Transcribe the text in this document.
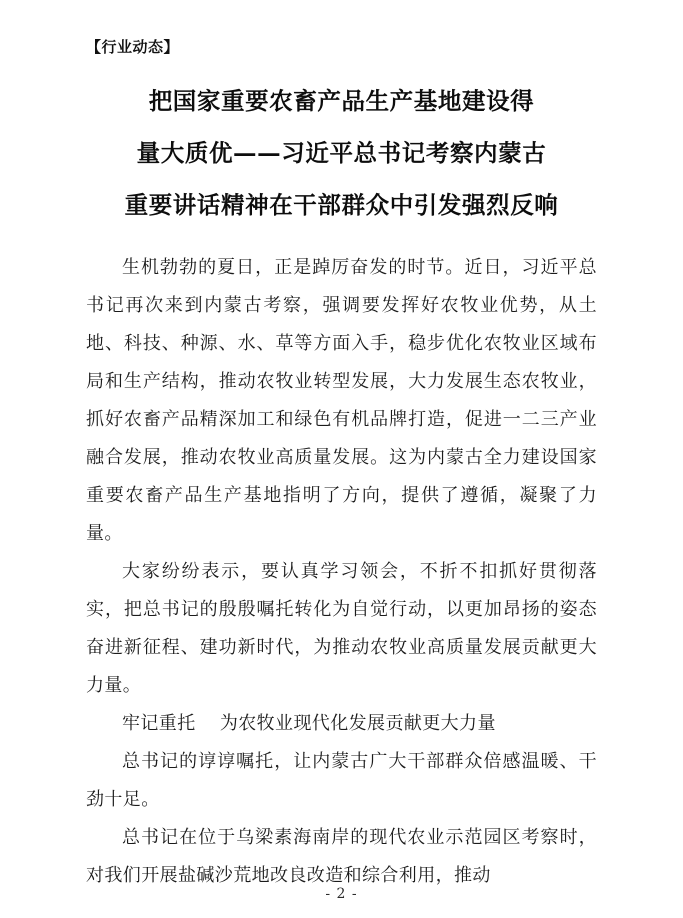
【行业动态】
把国家重要农畜产品生产基地建设得
量大质优——习近平总书记考察内蒙古
重要讲话精神在干部群众中引发强烈反响

生机勃勃的夏日，正是踔厉奋发的时节。近日，习近平总书记再次来到内蒙古考察，强调要发挥好农牧业优势，从土地、科技、种源、水、草等方面入手，稳步优化农牧业区域布局和生产结构，推动农牧业转型发展，大力发展生态农牧业，抓好农畜产品精深加工和绿色有机品牌打造，促进一二三产业融合发展，推动农牧业高质量发展。这为内蒙古全力建设国家重要农畜产品生产基地指明了方向，提供了遵循，凝聚了力量。

大家纷纷表示，要认真学习领会，不折不扣抓好贯彻落实，把总书记的殷殷嘱托转化为自觉行动，以更加昂扬的姿态奋进新征程、建功新时代，为推动农牧业高质量发展贡献更大力量。

牢记重托 为农牧业现代化发展贡献更大力量

总书记的谆谆嘱托，让内蒙古广大干部群众倍感温暖、干劲十足。

总书记在位于乌梁素海南岸的现代农业示范园区考察时，对我们开展盐碱沙荒地改良改造和综合利用，推动

- 2 -
